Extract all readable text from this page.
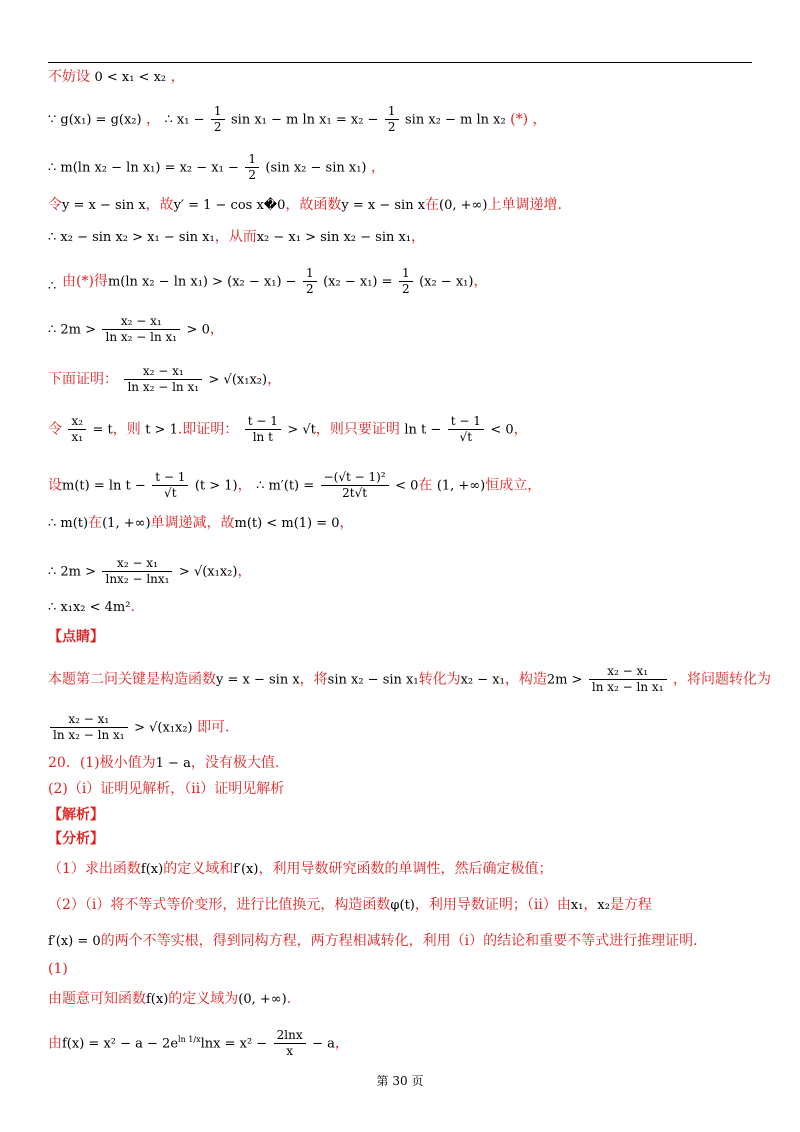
不妨设 0 < x₁ < x₂ ，
∵ g(x₁) = g(x₂) ， ∴ $x_1 - \frac{1}{2}$ sin x₁ − m $\ln x_1 = x_2 - \frac{1}{2}$ sin x₂ − m ln x₂ (*) ，
∴ m(ln $x_2 - \ln x_1) = x_2 - x_1 - \frac{1}{2} (\sin$ x₂ − sin x₁) ，
令y = x − sin x，故y′ = 1 − cos x�0，故函数y = x − sin x在(0, +∞)上单调递增.
∴ x₂ − sin x₂ > x₁ − sin x₁，从而x₂ − x₁ > sin x₂ − sin x₁，
由(*)得m(ln $x_2 - \ln x_1) > (x_2 - x_1) - \frac{1}{2} (x_2 - x_1) = \frac{1}{2} (x_2 - x_1)$，
∴
∴ $2m > \frac{\text{x₂ − x₁}}{\text{ln x₂ − ln x₁}} > 0$，
下面证明： $\frac{\text{x₂ − x₁}}{\text{ln x₂ − ln x₁}} > √(x_1x_2)$，
令 $\frac{\text{x₂}}{\text{x₁}} = t$，则 t > 1.即证明： $\frac{t - 1}{\text{ln t}} > √t$，则只要证明 $\ln t - \frac{t - 1}{√t} < 0$，
设$m(t) = \ln t - \frac{t - 1}{√t} (t > 1)$， ∴ $m'(t) = \frac{\text{−(√t − 1)²}}{2t√t} < 0$在 (1, +∞)恒成立，
∴ m(t)在(1, +∞)单调递减，故m(t) < m(1) = 0，
∴ $2m > \frac{\text{x₂ − x₁}}{\text{lnx₂ − lnx₁}} > √(x_1x_2)$，
∴ x₁x₂ < 4m².
【点睛】
本题第二问关键是构造函数y = x − sin x，将sin x₂ − sin x₁转化为x₂ − x₁，构造$2m > \frac{\text{x₂ − x₁}}{\text{ln x₂ − ln x₁}}$ ，将问题转化为
$\frac{\text{x₂ − x₁}}{\text{ln x₂ − ln x₁}} > √(x_1x_2)$ 即可.
20．(1)极小值为1 − a，没有极大值.
(2)（ⅰ）证明见解析，（ⅱ）证明见解析
【解析】
【分析】
（1）求出函数f(x)的定义域和f′(x)，利用导数研究函数的单调性，然后确定极值；
（2）（ⅰ）将不等式等价变形，进行比值换元，构造函数φ(t)，利用导数证明；（ⅱ）由x₁，x₂是方程
f′(x) = 0的两个不等实根，得到同构方程，两方程相减转化，利用（ⅰ）的结论和重要不等式进行推理证明.
(1)
由题意可知函数f(x)的定义域为(0, +∞).
由$f(x) = x^2 - a - 2e^{ln 1/x}\ln x = x^2 - \frac{2\ln x}{x} - a$，
第 30 页
